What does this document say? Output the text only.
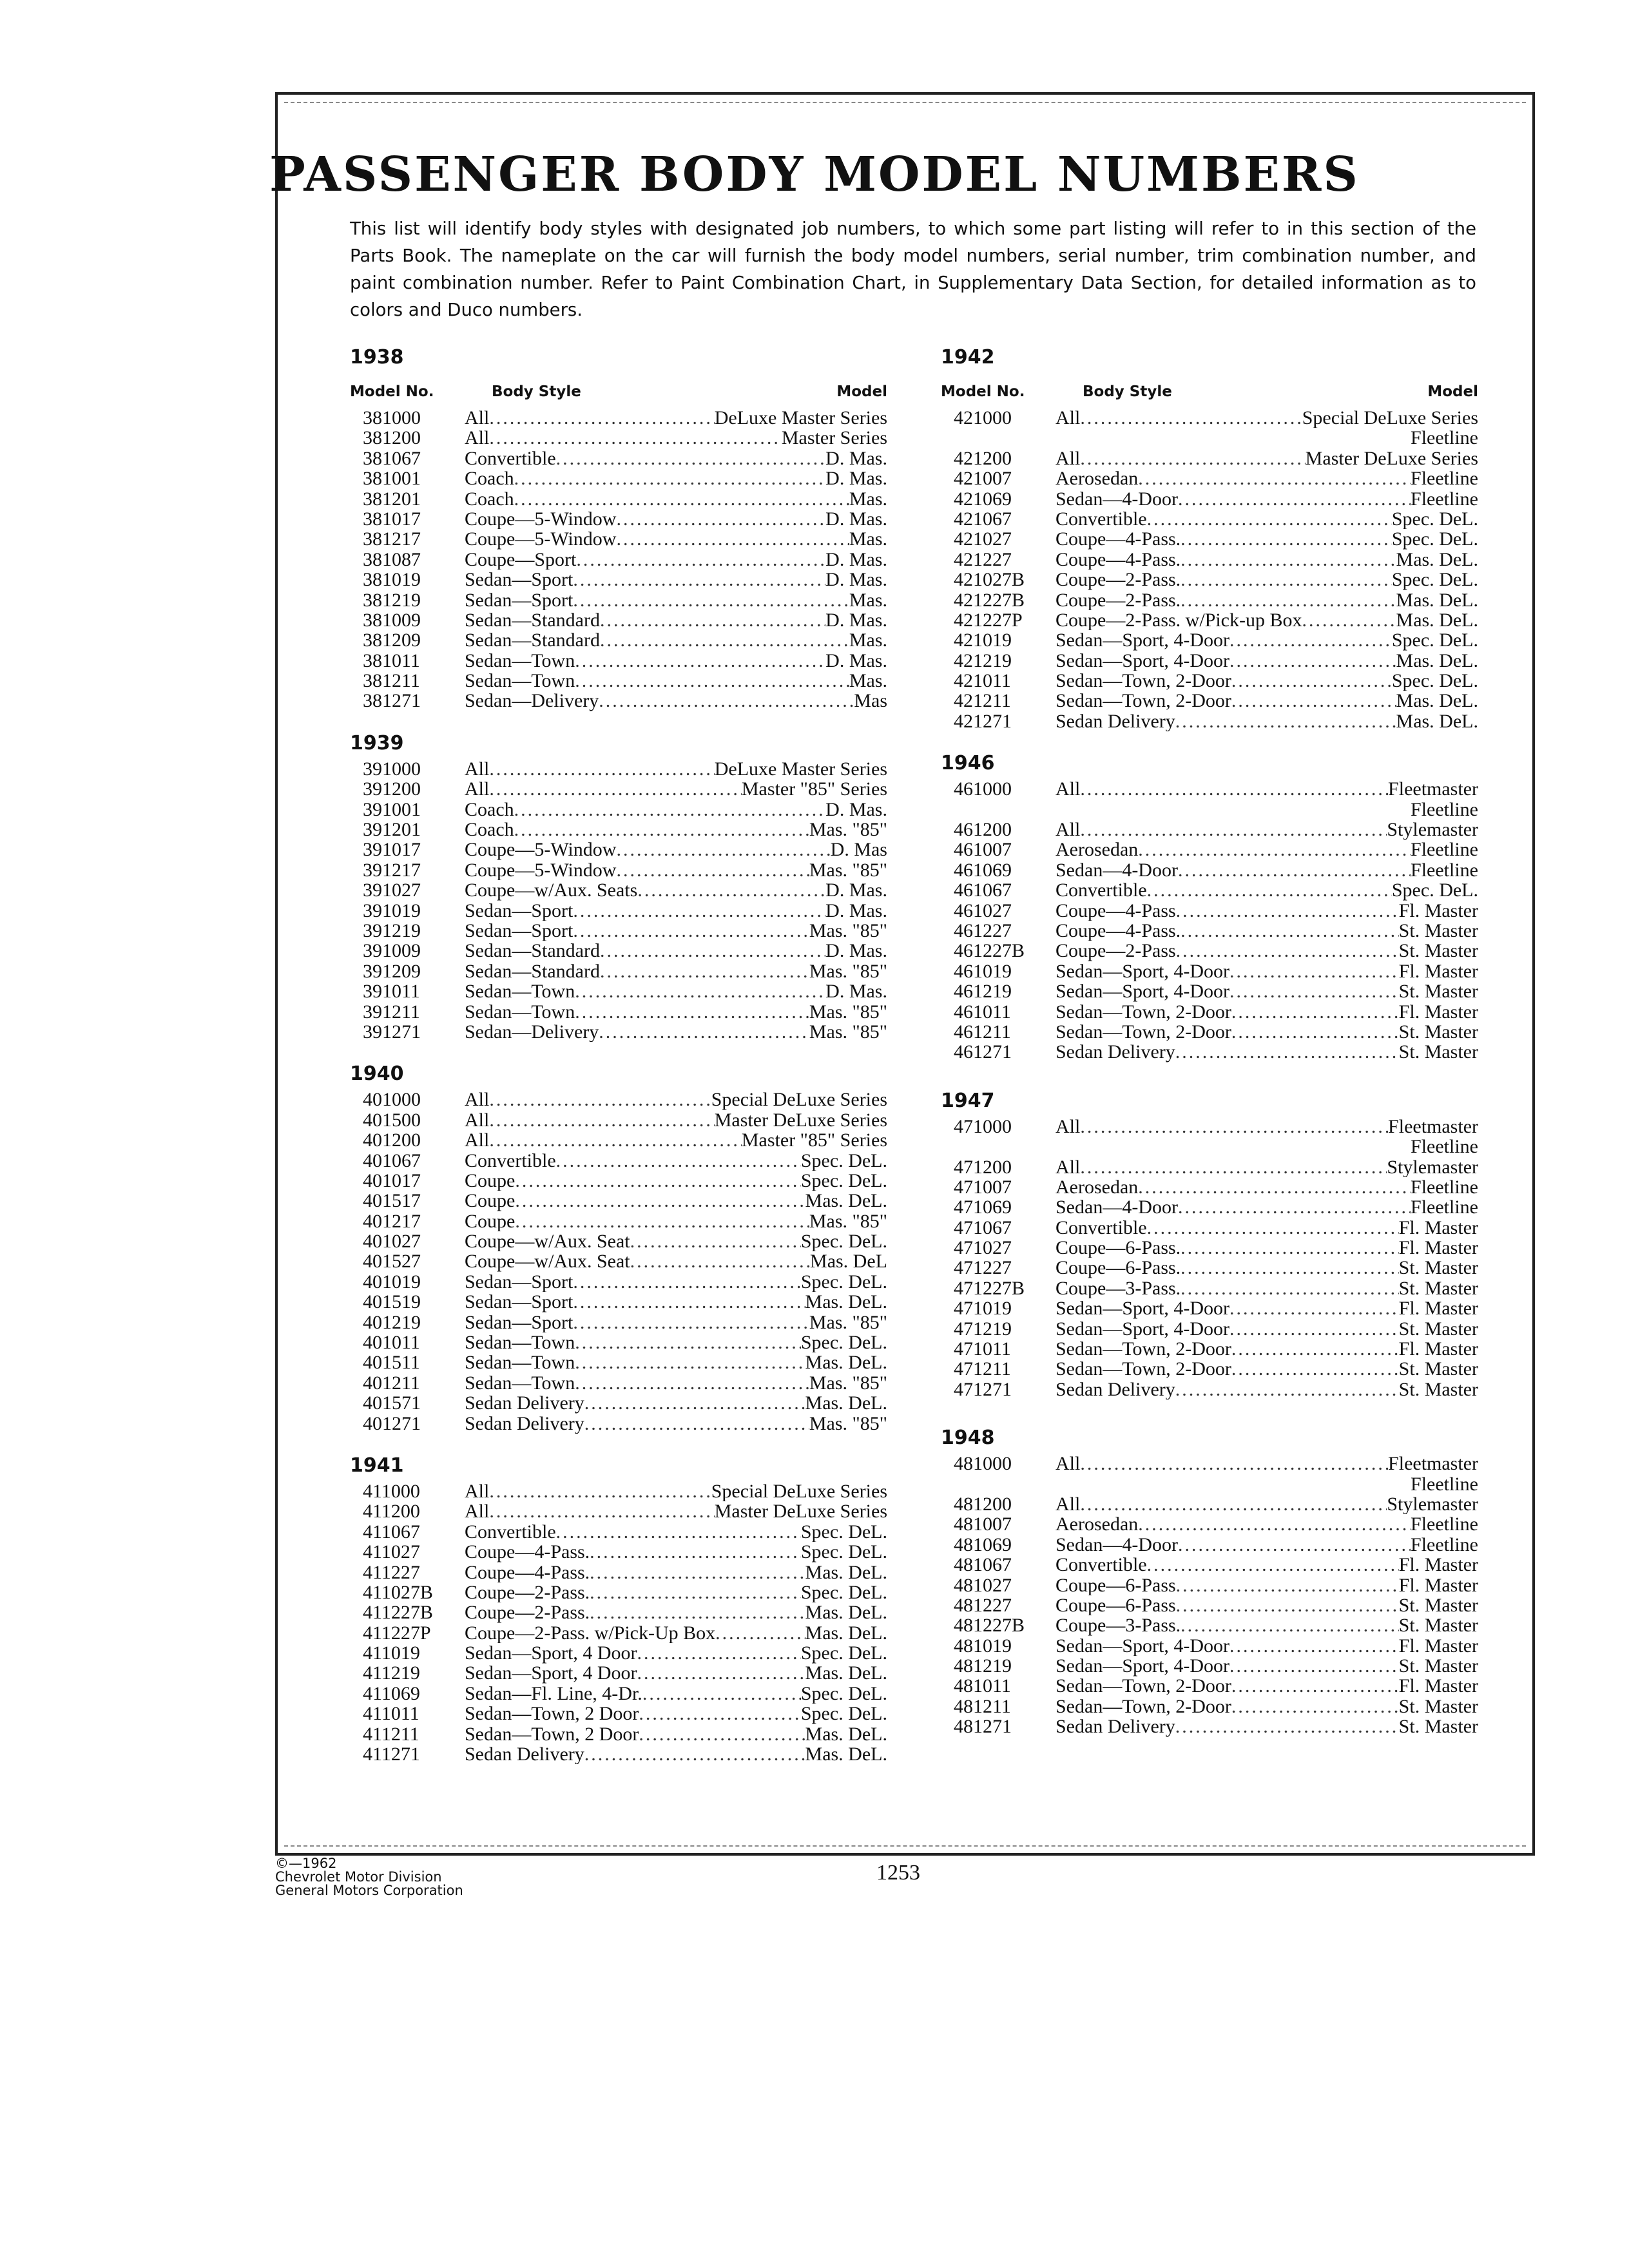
PASSENGER BODY MODEL NUMBERS
This list will identify body styles with designated job numbers, to which some part listing will refer to in this section of the Parts Book. The nameplate on the car will furnish the body model numbers, serial number, trim combination number, and paint combination number. Refer to Paint Combination Chart, in Supplementary Data Section, for detailed information as to colors and Duco numbers.
1938
Model No.	Body Style	Model
381000	All .....	DeLuxe Master Series
381200	All .....	Master Series
381067	Convertible .....	D. Mas.
381001	Coach .....	D. Mas.
381201	Coach .....	Mas.
381017	Coupe—5-Window .....	D. Mas.
381217	Coupe—5-Window .....	Mas.
381087	Coupe—Sport .....	D. Mas.
381019	Sedan—Sport .....	D. Mas.
381219	Sedan—Sport .....	Mas.
381009	Sedan—Standard .....	D. Mas.
381209	Sedan—Standard .....	Mas.
381011	Sedan—Town .....	D. Mas.
381211	Sedan—Town .....	Mas.
381271	Sedan—Delivery .....	Mas
1939
391000	All .....	DeLuxe Master Series
391200	All .....	Master "85" Series
391001	Coach .....	D. Mas.
391201	Coach .....	Mas. "85"
391017	Coupe—5-Window .....	D. Mas
391217	Coupe—5-Window .....	Mas. "85"
391027	Coupe—w/Aux. Seats .....	D. Mas.
391019	Sedan—Sport .....	D. Mas.
391219	Sedan—Sport .....	Mas. "85"
391009	Sedan—Standard .....	D. Mas.
391209	Sedan—Standard .....	Mas. "85"
391011	Sedan—Town .....	D. Mas.
391211	Sedan—Town .....	Mas. "85"
391271	Sedan—Delivery .....	Mas. "85"
1940
401000	All .....	Special DeLuxe Series
401500	All .....	Master DeLuxe Series
401200	All .....	Master "85" Series
401067	Convertible .....	Spec. DeL.
401017	Coupe .....	Spec. DeL.
401517	Coupe .....	Mas. DeL.
401217	Coupe .....	Mas. "85"
401027	Coupe—w/Aux. Seat .....	Spec. DeL.
401527	Coupe—w/Aux. Seat .....	Mas. DeL
401019	Sedan—Sport .....	Spec. DeL.
401519	Sedan—Sport .....	Mas. DeL.
401219	Sedan—Sport .....	Mas. "85"
401011	Sedan—Town .....	Spec. DeL.
401511	Sedan—Town .....	Mas. DeL.
401211	Sedan—Town .....	Mas. "85"
401571	Sedan Delivery .....	Mas. DeL.
401271	Sedan Delivery .....	Mas. "85"
1941
411000	All .....	Special DeLuxe Series
411200	All .....	Master DeLuxe Series
411067	Convertible .....	Spec. DeL.
411027	Coupe—4-Pass. .....	Spec. DeL.
411227	Coupe—4-Pass. .....	Mas. DeL.
411027B	Coupe—2-Pass. .....	Spec. DeL.
411227B	Coupe—2-Pass. .....	Mas. DeL.
411227P	Coupe—2-Pass. w/Pick-Up Box .....	Mas. DeL.
411019	Sedan—Sport, 4 Door .....	Spec. DeL.
411219	Sedan—Sport, 4 Door .....	Mas. DeL.
411069	Sedan—Fl. Line, 4-Dr. .....	Spec. DeL.
411011	Sedan—Town, 2 Door .....	Spec. DeL.
411211	Sedan—Town, 2 Door .....	Mas. DeL.
411271	Sedan Delivery .....	Mas. DeL.
1942
Model No.	Body Style	Model
421000	All .....	Special DeLuxe Series
Fleetline
421200	All .....	Master DeLuxe Series
421007	Aerosedan .....	Fleetline
421069	Sedan—4-Door .....	Fleetline
421067	Convertible .....	Spec. DeL.
421027	Coupe—4-Pass. .....	Spec. DeL.
421227	Coupe—4-Pass. .....	Mas. DeL.
421027B	Coupe—2-Pass. .....	Spec. DeL.
421227B	Coupe—2-Pass. .....	Mas. DeL.
421227P	Coupe—2-Pass. w/Pick-up Box .....	Mas. DeL.
421019	Sedan—Sport, 4-Door .....	Spec. DeL.
421219	Sedan—Sport, 4-Door .....	Mas. DeL.
421011	Sedan—Town, 2-Door .....	Spec. DeL.
421211	Sedan—Town, 2-Door .....	Mas. DeL.
421271	Sedan Delivery .....	Mas. DeL.
1946
461000	All .....	Fleetmaster
Fleetline
461200	All .....	Stylemaster
461007	Aerosedan .....	Fleetline
461069	Sedan—4-Door .....	Fleetline
461067	Convertible .....	Spec. DeL.
461027	Coupe—4-Pass .....	Fl. Master
461227	Coupe—4-Pass. .....	St. Master
461227B	Coupe—2-Pass .....	St. Master
461019	Sedan—Sport, 4-Door .....	Fl. Master
461219	Sedan—Sport, 4-Door .....	St. Master
461011	Sedan—Town, 2-Door .....	Fl. Master
461211	Sedan—Town, 2-Door .....	St. Master
461271	Sedan Delivery .....	St. Master
1947
471000	All .....	Fleetmaster
Fleetline
471200	All .....	Stylemaster
471007	Aerosedan .....	Fleetline
471069	Sedan—4-Door .....	Fleetline
471067	Convertible .....	Fl. Master
471027	Coupe—6-Pass. .....	Fl. Master
471227	Coupe—6-Pass. .....	St. Master
471227B	Coupe—3-Pass. .....	St. Master
471019	Sedan—Sport, 4-Door .....	Fl. Master
471219	Sedan—Sport, 4-Door .....	St. Master
471011	Sedan—Town, 2-Door .....	Fl. Master
471211	Sedan—Town, 2-Door .....	St. Master
471271	Sedan Delivery .....	St. Master
1948
481000	All .....	Fleetmaster
Fleetline
481200	All .....	Stylemaster
481007	Aerosedan .....	Fleetline
481069	Sedan—4-Door .....	Fleetline
481067	Convertible .....	Fl. Master
481027	Coupe—6-Pass .....	Fl. Master
481227	Coupe—6-Pass .....	St. Master
481227B	Coupe—3-Pass. .....	St. Master
481019	Sedan—Sport, 4-Door .....	Fl. Master
481219	Sedan—Sport, 4-Door .....	St. Master
481011	Sedan—Town, 2-Door .....	Fl. Master
481211	Sedan—Town, 2-Door .....	St. Master
481271	Sedan Delivery .....	St. Master
©—1962
Chevrolet Motor Division
General Motors Corporation
1253
